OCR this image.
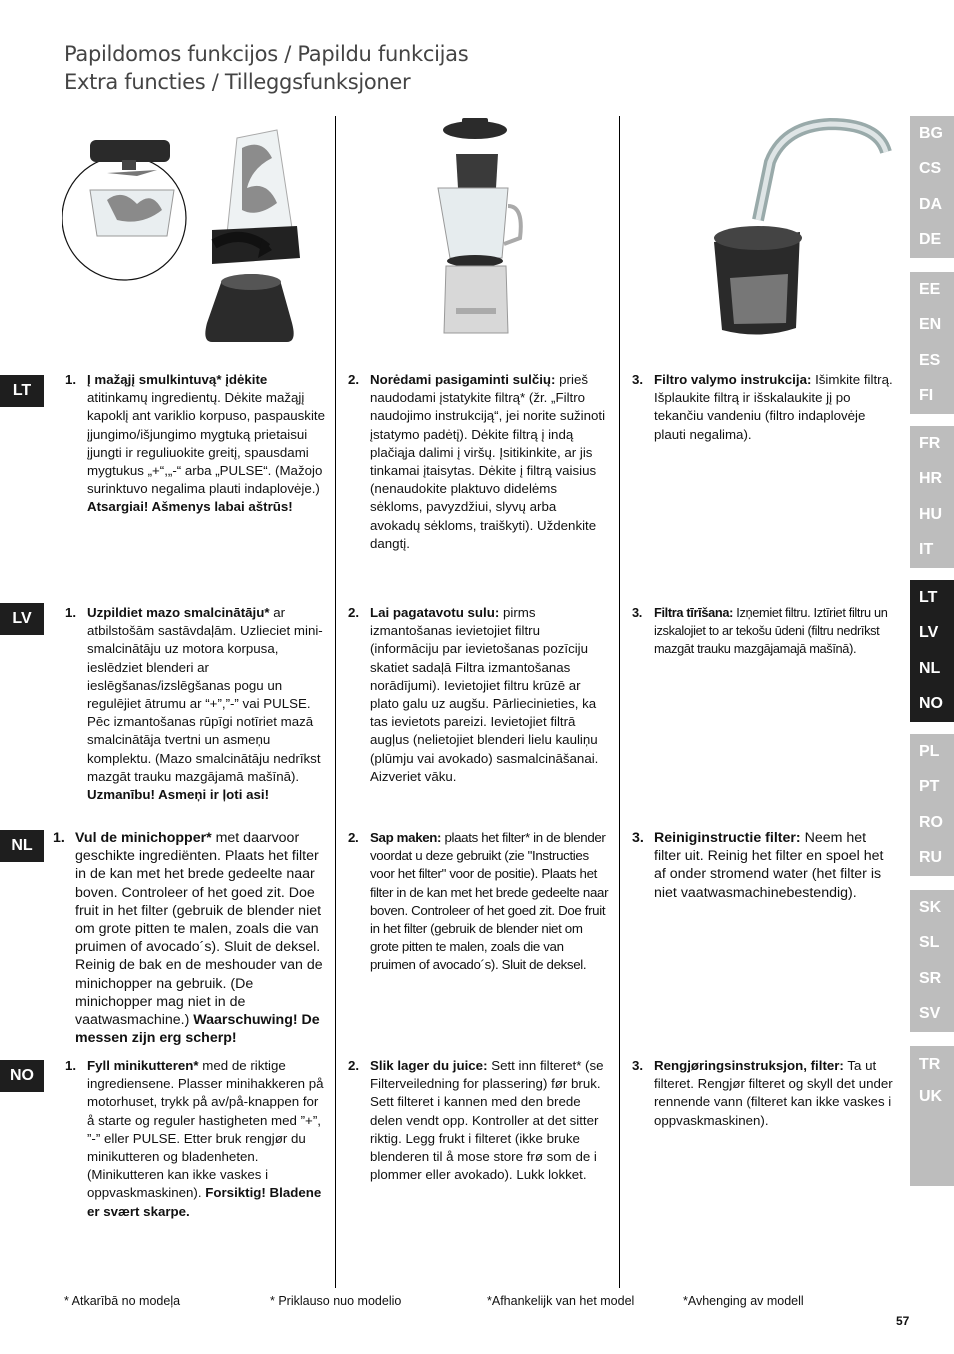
Papildomos funkcijos / Papildu funkcijas
Extra functies / Tilleggsfunksjoner
LT
LV
NL
NO
BG
CS
DA
DE
EE
EN
ES
FI
FR
HR
HU
IT
LT
LV
NL
NO
PL
PT
RO
RU
SK
SL
SR
SV
TR
UK
1. Į mažąjį smulkintuvą* įdėkite atitinkamų ingredientų. Dėkite mažąjį kapoklį ant variklio korpuso, paspauskite įjungimo/išjungimo mygtuką prietaisui įjungti ir reguliuokite greitį, spausdami mygtukus „+“,„-“ arba „PULSE“. (Mažojo surinktuvo negalima plauti indaplovėje.) Atsargiai! Ašmenys labai aštrūs!
2. Norėdami pasigaminti sulčių: prieš naudodami įstatykite filtrą* (žr. „Filtro naudojimo instrukciją“, jei norite sužinoti įstatymo padėtį). Dėkite filtrą į indą plačiąja dalimi į viršų. Įsitikinkite, ar jis tinkamai įtaisytas. Dėkite į filtrą vaisius (nenaudokite plaktuvo didelėms sėkloms, pavyzdžiui, slyvų arba avokadų sėkloms, traiškyti). Uždenkite dangtį.
3. Filtro valymo instrukcija: Išimkite filtrą. Išplaukite filtrą ir išskalaukite jį po tekančiu vandeniu (filtro indaplovėje plauti negalima).
1. Uzpildiet mazo smalcinātāju* ar atbilstošām sastāvdaļām. Uzlieciet mini-smalcinātāju uz motora korpusa, ieslēdziet blenderi ar ieslēgšanas/izslēgšanas pogu un regulējiet ātrumu ar “+”,”-” vai PULSE. Pēc izmantošanas rūpīgi notīriet mazā smalcinātāja tvertni un asmeņu komplektu. (Mazo smalcinātāju nedrīkst mazgāt trauku mazgājamā mašīnā). Uzmanību! Asmeņi ir ļoti asi!
2. Lai pagatavotu sulu: pirms izmantošanas ievietojiet filtru (informāciju par ievietošanas pozīciju skatiet sadaļā Filtra izmantošanas norādījumi). Ievietojiet filtru krūzē ar plato galu uz augšu. Pārliecinieties, ka tas ievietots pareizi. Ievietojiet filtrā augļus (nelietojiet blenderi lielu kauliņu (plūmju vai avokado) sasmalcināšanai. Aizveriet vāku.
3. Filtra tīrīšana: Izņemiet filtru. Iztīriet filtru un izskalojiet to ar tekošu ūdeni (filtru nedrīkst mazgāt trauku mazgājamajā mašīnā).
1. Vul de minichopper* met daarvoor geschikte ingrediënten. Plaats het filter in de kan met het brede gedeelte naar boven. Controleer of het goed zit. Doe fruit in het filter (gebruik de blender niet om grote pitten te malen, zoals die van pruimen of avocado´s). Sluit de deksel. Reinig de bak en de meshouder van de minichopper na gebruik. (De minichopper mag niet in de vaatwasmachine.) Waarschuwing! De messen zijn erg scherp!
2. Sap maken: plaats het filter* in de blender voordat u deze gebruikt (zie "Instructies voor het filter" voor de positie). Plaats het filter in de kan met het brede gedeelte naar boven. Controleer of het goed zit. Doe fruit in het filter (gebruik de blender niet om grote pitten te malen, zoals die van pruimen of avocado´s). Sluit de deksel.
3. Reiniginstructie filter: Neem het filter uit. Reinig het filter en spoel het af onder stromend water (het filter is niet vaatwasmachinebestendig).
1. Fyll minikutteren* med de riktige ingrediensene. Plasser minihakkeren på motorhuset, trykk på av/på-knappen for å starte og reguler hastigheten med ”+”, ”-” eller PULSE. Etter bruk rengjør du minikutteren og bladenheten. (Minikutteren kan ikke vaskes i oppvaskmaskinen). Forsiktig! Bladene er svært skarpe.
2. Slik lager du juice: Sett inn filteret* (se Filterveiledning for plassering) før bruk. Sett filteret i kannen med den brede delen vendt opp. Kontroller at det sitter riktig. Legg frukt i filteret (ikke bruke blenderen til å mose store frø som de i plommer eller avokado). Lukk lokket.
3. Rengjøringsinstruksjon, filter: Ta ut filteret. Rengjør filteret og skyll det under rennende vann (filteret kan ikke vaskes i oppvaskmaskinen).
* Atkarībā no modeļa	* Priklauso nuo modelio	*Afhankelijk van het model	*Avhenging av modell
57
